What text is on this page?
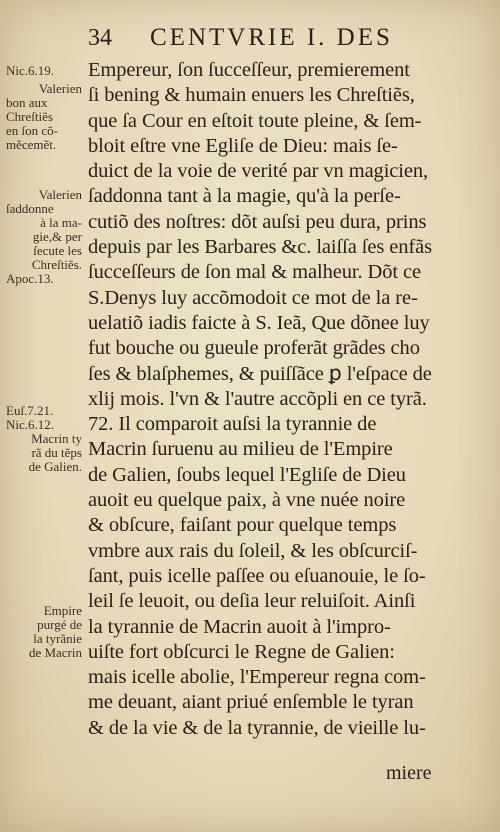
34	CENTVRIE I. DES
Nic.6.19.
Valerien
bon aux
Chreſtiẽs
en ſon cõ-
mẽcemẽt.
Valerien
ſaddonne
à la ma-
gie,& per
ſecute les
Chreſtiẽs.
Apoc.13.
Euſ.7.21.
Nic.6.12.
Macrin ty
rã du tẽps
de Galien.
Empire
purgé de
la tyrãnie
de Macrin
Empereur, ſon ſucceſſeur, premierement
ſi bening & humain enuers les Chreſtiẽs,
que ſa Cour en eſtoit toute pleine, & ſem-
bloit eſtre vne Egliſe de Dieu: mais ſe-
duict de la voie de verité par vn magicien,
ſaddonna tant à la magie, qu'à la perſe-
cutiõ des noſtres: dõt auſsi peu dura, prins
depuis par les Barbares &c. laiſſa ſes enfãs
ſucceſſeurs de ſon mal & malheur. Dõt ce
S.Denys luy accõmodoit ce mot de la re-
uelatiõ iadis faicte à S. Ieã, Que dõnee luy
fut bouche ou gueule proferãt grãdes cho
ſes & blaſphemes, & puiſſãce ꝑ l'eſpace de
xlij mois. l'vn & l'autre accõpli en ce tyrã.
72. Il comparoit auſsi la tyrannie de
Macrin ſuruenu au milieu de l'Empire
de Galien, ſoubs lequel l'Egliſe de Dieu
auoit eu quelque paix, à vne nuée noire
& obſcure, faiſant pour quelque temps
vmbre aux rais du ſoleil, & les obſcurciſ-
ſant, puis icelle paſſee ou eſuanouie, le ſo-
leil ſe leuoit, ou deſia leur reluiſoit. Ainſi
la tyrannie de Macrin auoit à l'impro-
uiſte fort obſcurci le Regne de Galien:
mais icelle abolie, l'Empereur regna com-
me deuant, aiant priué enſemble le tyran
& de la vie & de la tyrannie, de vieille lu-
miere
